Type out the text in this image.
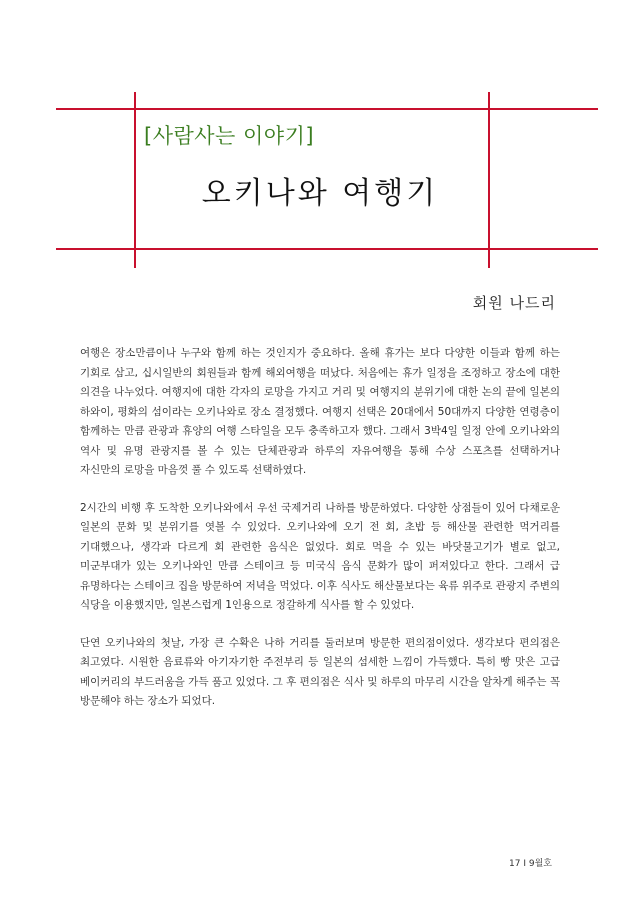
[사람사는 이야기]
오키나와 여행기
회원 나드리

여행은 장소만큼이나 누구와 함께 하는 것인지가 중요하다. 올해 휴가는 보다 다양한 이들과 함께 하는 기회로 삼고, 십시일반의 회원들과 함께 해외여행을 떠났다. 처음에는 휴가 일정을 조정하고 장소에 대한 의견을 나누었다. 여행지에 대한 각자의 로망을 가지고 거리 및 여행지의 분위기에 대한 논의 끝에 일본의 하와이, 평화의 섬이라는 오키나와로 장소 결정했다. 여행지 선택은 20대에서 50대까지 다양한 연령층이 함께하는 만큼 관광과 휴양의 여행 스타일을 모두 충족하고자 했다. 그래서 3박4일 일정 안에 오키나와의 역사 및 유명 관광지를 볼 수 있는 단체관광과 하루의 자유여행을 통해 수상 스포츠를 선택하거나 자신만의 로망을 마음껏 풀 수 있도록 선택하였다.

2시간의 비행 후 도착한 오키나와에서 우선 국제거리 나하를 방문하였다. 다양한 상점들이 있어 다채로운 일본의 문화 및 분위기를 엿볼 수 있었다. 오키나와에 오기 전 회, 초밥 등 해산물 관련한 먹거리를 기대했으나, 생각과 다르게 회 관련한 음식은 없었다. 회로 먹을 수 있는 바닷물고기가 별로 없고, 미군부대가 있는 오키나와인 만큼 스테이크 등 미국식 음식 문화가 많이 퍼져있다고 한다. 그래서 급 유명하다는 스테이크 집을 방문하여 저녁을 먹었다. 이후 식사도 해산물보다는 육류 위주로 관광지 주변의 식당을 이용했지만, 일본스럽게 1인용으로 정갈하게 식사를 할 수 있었다.

단연 오키나와의 첫날, 가장 큰 수확은 나하 거리를 둘러보며 방문한 편의점이었다. 생각보다 편의점은 최고였다. 시원한 음료류와 아기자기한 주전부리 등 일본의 섬세한 느낌이 가득했다. 특히 빵 맛은 고급 베이커리의 부드러움을 가득 품고 있었다. 그 후 편의점은 식사 및 하루의 마무리 시간을 알차게 해주는 꼭 방문해야 하는 장소가 되었다.

17 I 9월호
